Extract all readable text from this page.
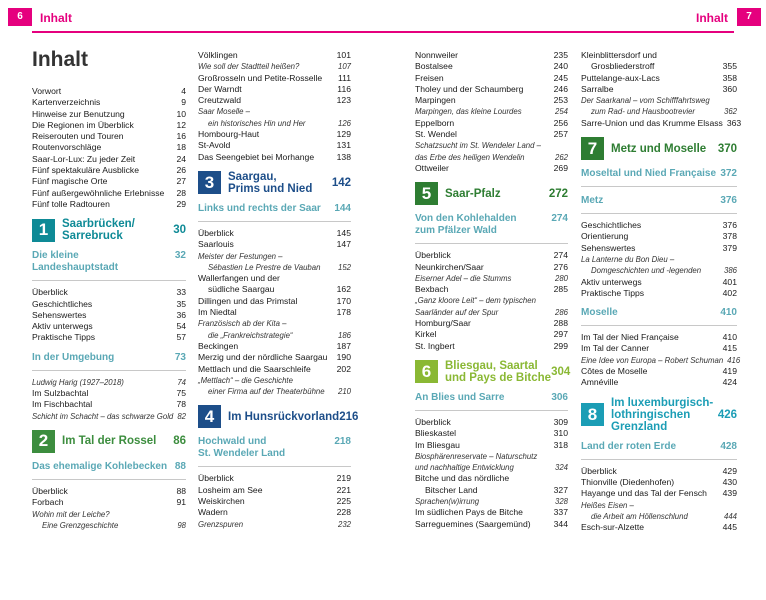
6	Inhalt
Inhalt
Vorwort	4
Kartenverzeichnis	9
Hinweise zur Benutzung	10
Die Regionen im Überblick	12
Reiserouten und Touren	16
Routenvorschläge	18
Saar-Lor-Lux: Zu jeder Zeit	24
Fünf spektakuläre Ausblicke	26
Fünf magische Orte	27
Fünf außergewöhnliche Erlebnisse	28
Fünf tolle Radtouren	29
1	Saarbrücken/
Sarrebruck	30
Die kleine
Landeshauptstadt
32
Überblick	33
Geschichtliches	35
Sehenswertes	36
Aktiv unterwegs	54
Praktische Tipps	57
In der Umgebung	73
Ludwig Harig (1927–2018)	74
Im Sulzbachtal	75
Im Fischbachtal	78
Schicht im Schacht – das schwarze Gold 82
2	Im Tal der Rossel	86
Das ehemalige Kohlebecken 88
Überblick	88
Forbach	91
Wohin mit der Leiche?
Eine Grenzgeschichte	98
Völklingen	101
Wie soll der Stadtteil heißen?	107
Großrosseln und Petite-Rosselle	111
Der Warndt	116
Creutzwald	123
Saar Moselle –
ein historisches Hin und Her	126
Hombourg-Haut	129
St-Avold	131
Das Seengebiet bei Morhange	138
3	Saargau,
Prims und Nied	142
Links und rechts der Saar	144
Überblick	145
Saarlouis	147
Meister der Festungen –
Sébastien Le Prestre de Vauban	152
Wallerfangen und der
südliche Saargau	162
Dillingen und das Primstal	170
Im Niedtal	178
Französisch ab der Kita –
die „Frankreichstrategie“	186
Beckingen	187
Merzig und der nördliche Saargau	190
Mettlach und die Saarschleife	202
„Mettlach“ – die Geschichte
einer Firma auf der Theaterbühne	210
4	Im Hunsrückvorland 216
Hochwald und
St. Wendeler Land
218
Überblick	219
Losheim am See	221
Weiskirchen	225
Wadern	228
Grenzspuren	232
Inhalt	7
Nonnweiler	235
Bostalsee	240
Freisen	245
Tholey und der Schaumberg	246
Marpingen	253
Marpingen, das kleine Lourdes	254
Eppelborn	256
St. Wendel	257
Schatzsucht im St. Wendeler Land –
das Erbe des heiligen Wendelin	262
Ottweiler	269
5	Saar-Pfalz	272
Von den Kohlehalden
zum Pfälzer Wald
274
Überblick	274
Neunkirchen/Saar	276
Eiserner Adel – die Stumms	280
Bexbach	285
„Ganz kloore Leit“ – dem typischen
Saarländer auf der Spur	286
Homburg/Saar	288
Kirkel	297
St. Ingbert	299
6	Bliesgau, Saartal
und Pays de Bitche 304
An Blies und Sarre	306
Überblick	309
Blieskastel	310
Im Bliesgau	318
Biosphärenreservate – Naturschutz
und nachhaltige Entwicklung	324
Bitche und das nördliche
Bitscher Land	327
Sprachen(w)irrung	328
Im südlichen Pays de Bitche	337
Sarreguemines (Saargemünd)	344
Kleinblittersdorf und
Grosbliederstroff	355
Puttelange-aux-Lacs	358
Sarralbe	360
Der Saarkanal – vom Schifffahrtsweg
zum Rad- und Hausbootrevier	362
Sarre-Union und das Krumme Elsass 363
7	Metz und Moselle	370
Moseltal und Nied Française 372
Metz	376
Geschichtliches	376
Orientierung	378
Sehenswertes	379
La Lanterne du Bon Dieu –
Domgeschichten und -legenden	386
Aktiv unterwegs	401
Praktische Tipps	402
Moselle	410
Im Tal der Nied Française	410
Im Tal der Canner	415
Eine Idee von Europa – Robert Schuman 416
Côtes de Moselle	419
Amnéville	424
8
Im luxemburgisch-
lothringischen
Grenzland
426
Land der roten Erde	428
Überblick	429
Thionville (Diedenhofen)	430
Hayange und das Tal der Fensch	439
Heißes Eisen –
die Arbeit am Höllenschlund	444
Esch-sur-Alzette	445
